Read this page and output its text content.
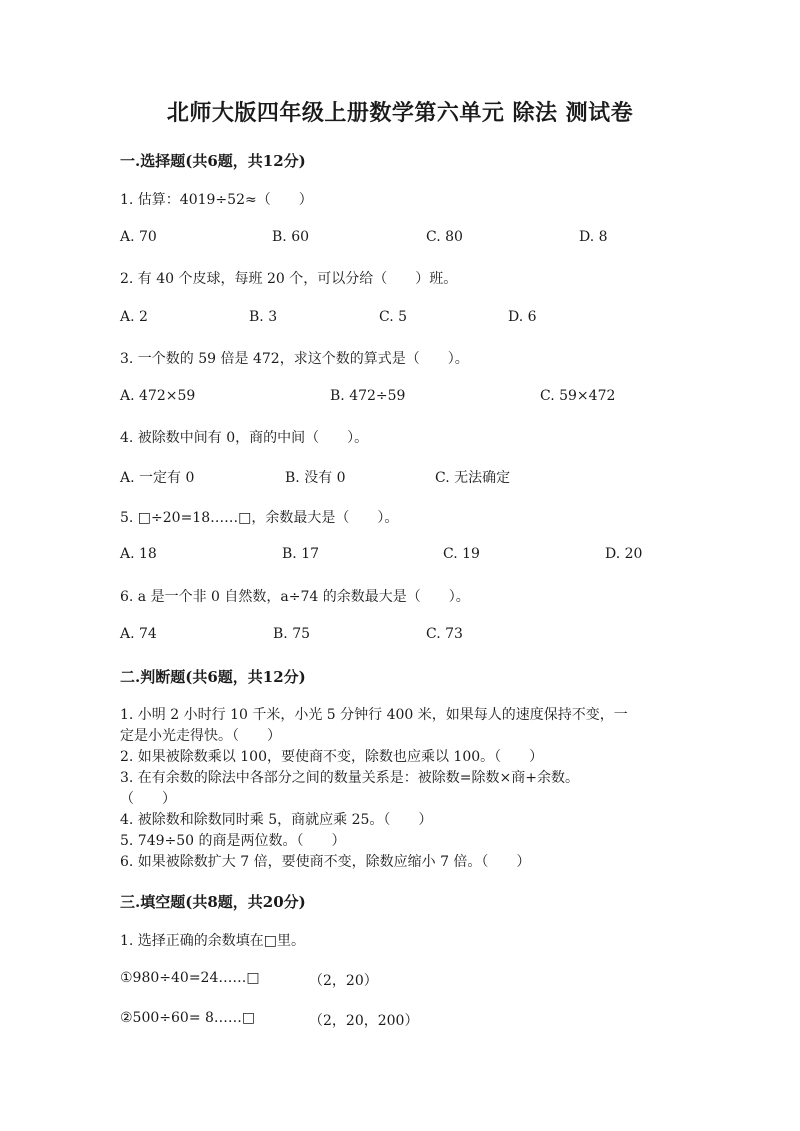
北师大版四年级上册数学第六单元 除法 测试卷
一.选择题(共6题，共12分)
1. 估算：4019÷52≈（　　）
A. 70	B. 60	C. 80	D. 8
2. 有 40 个皮球，每班 20 个，可以分给（　　）班。
A. 2	B. 3	C. 5	D. 6
3. 一个数的 59 倍是 472，求这个数的算式是（　　）。
A. 472×59	B. 472÷59	C. 59×472
4. 被除数中间有 0，商的中间（　　）。
A. 一定有 0	B. 没有 0	C. 无法确定
5. □÷20=18……□，余数最大是（　　）。
A. 18	B. 17	C. 19	D. 20
6. a 是一个非 0 自然数，a÷74 的余数最大是（　　）。
A. 74	B. 75	C. 73
二.判断题(共6题，共12分)
1. 小明 2 小时行 10 千米，小光 5 分钟行 400 米，如果每人的速度保持不变，一
定是小光走得快。（　　）
2. 如果被除数乘以 100，要使商不变，除数也应乘以 100。（　　）
3. 在有余数的除法中各部分之间的数量关系是：被除数=除数×商+余数。
（　　）
4. 被除数和除数同时乘 5，商就应乘 25。（　　）
5. 749÷50 的商是两位数。（　　）
6. 如果被除数扩大 7 倍，要使商不变，除数应缩小 7 倍。（　　）
三.填空题(共8题，共20分)
1. 选择正确的余数填在□里。
①980÷40=24……□	（2，20）
②500÷60= 8……□	（2，20，200）
